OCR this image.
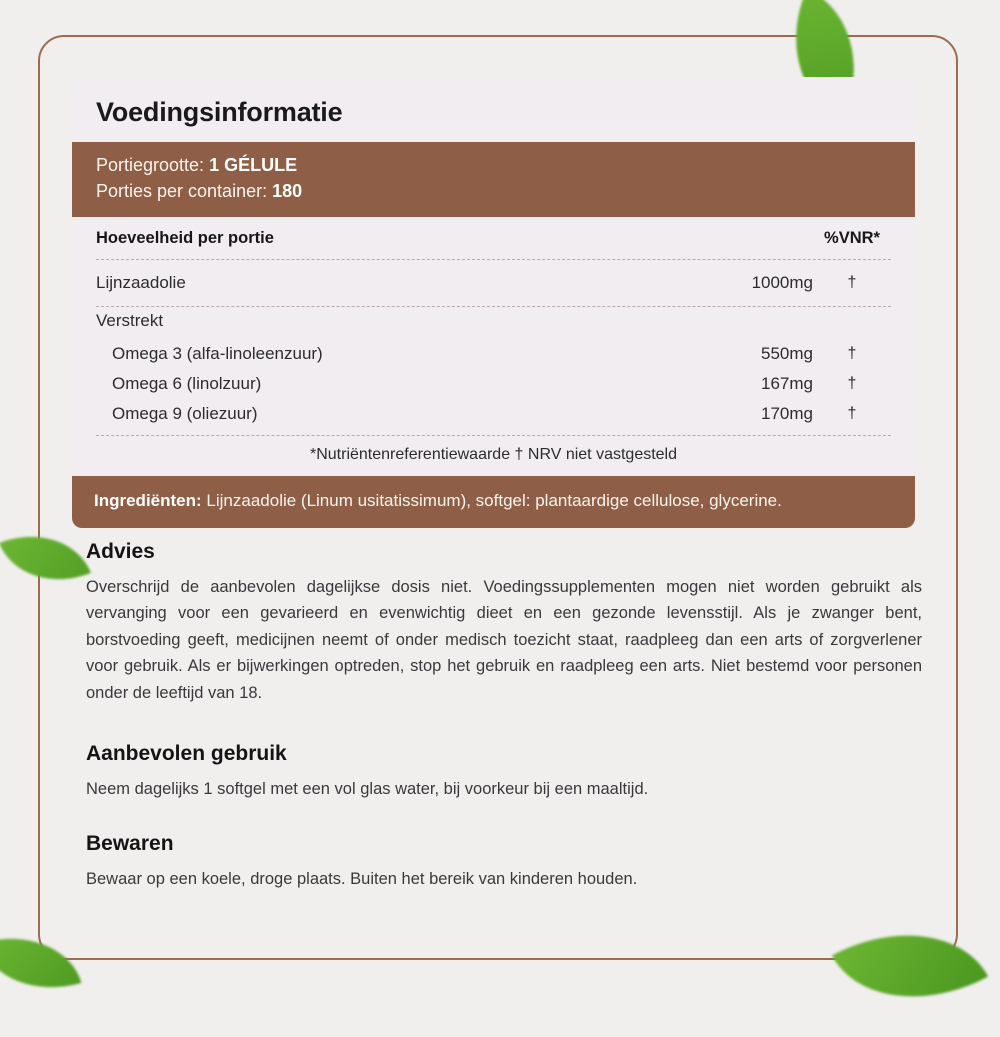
Voedingsinformatie
Portiegrootte: 1 GÉLULE
Porties per container: 180
Hoeveelheid per portie	%VNR*
Lijnzaadolie	1000mg	†
Verstrekt
Omega 3 (alfa-linoleenzuur)	550mg	†
Omega 6 (linolzuur)	167mg	†
Omega 9 (oliezuur)	170mg	†
*Nutriëntenreferentiewaarde † NRV niet vastgesteld
Ingrediënten: Lijnzaadolie (Linum usitatissimum), softgel: plantaardige cellulose, glycerine.
Advies
Overschrijd de aanbevolen dagelijkse dosis niet. Voedingssupplementen mogen niet worden gebruikt als vervanging voor een gevarieerd en evenwichtig dieet en een gezonde levensstijl. Als je zwanger bent, borstvoeding geeft, medicijnen neemt of onder medisch toezicht staat, raadpleeg dan een arts of zorgverlener voor gebruik. Als er bijwerkingen optreden, stop het gebruik en raadpleeg een arts. Niet bestemd voor personen onder de leeftijd van 18.
Aanbevolen gebruik
Neem dagelijks 1 softgel met een vol glas water, bij voorkeur bij een maaltijd.
Bewaren
Bewaar op een koele, droge plaats. Buiten het bereik van kinderen houden.
